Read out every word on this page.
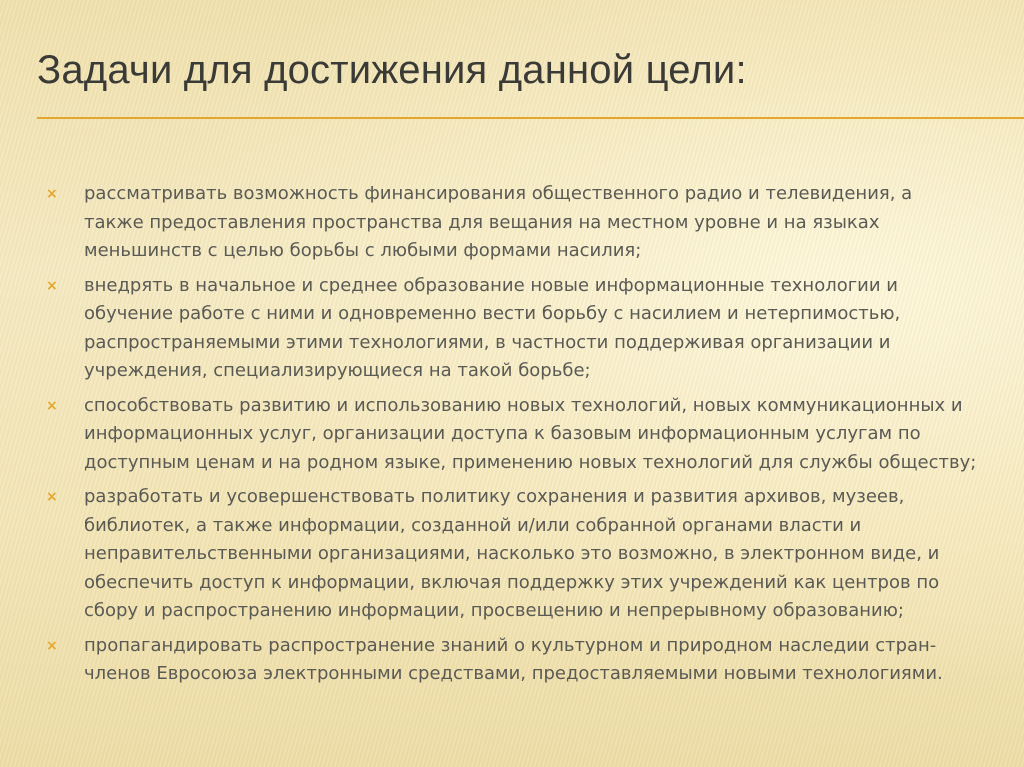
Задачи для достижения данной цели:
× рассматривать возможность финансирования общественного радио и телевидения, а
также предоставления пространства для вещания на местном уровне и на языках
меньшинств с целью борьбы с любыми формами насилия;
× внедрять в начальное и среднее образование новые информационные технологии и
обучение работе с ними и одновременно вести борьбу с насилием и нетерпимостью,
распространяемыми этими технологиями, в частности поддерживая организации и
учреждения, специализирующиеся на такой борьбе;
× способствовать развитию и использованию новых технологий, новых коммуникационных и
информационных услуг, организации доступа к базовым информационным услугам по
доступным ценам и на родном языке, применению новых технологий для службы обществу;
× разработать и усовершенствовать политику сохранения и развития архивов, музеев,
библиотек, а также информации, созданной и/или собранной органами власти и
неправительственными организациями, насколько это возможно, в электронном виде, и
обеспечить доступ к информации, включая поддержку этих учреждений как центров по
сбору и распространению информации, просвещению и непрерывному образованию;
× пропагандировать распространение знаний о культурном и природном наследии стран-
членов Евросоюза электронными средствами, предоставляемыми новыми технологиями.
